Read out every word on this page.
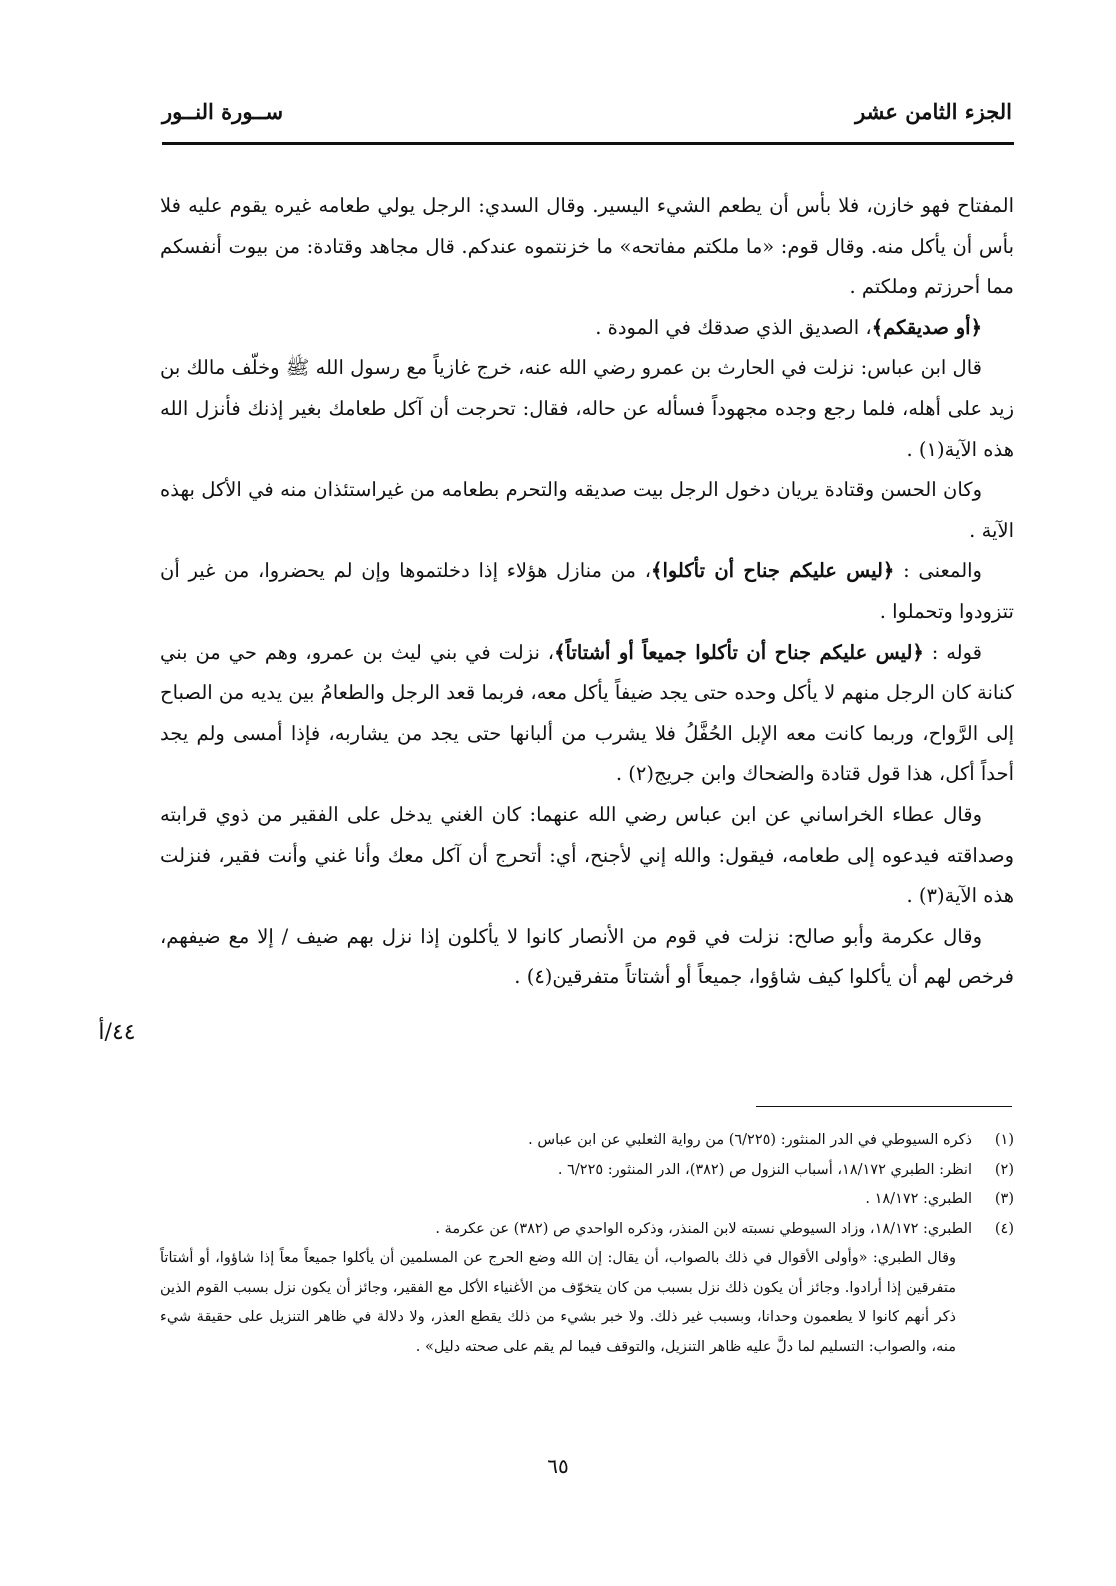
الجزء الثامن عشر
ســورة النــور

المفتاح فهو خازن، فلا بأس أن يطعم الشيء اليسير. وقال السدي: الرجل يولي طعامه غيره يقوم عليه فلا بأس أن يأكل منه. وقال قوم: «ما ملكتم مفاتحه» ما خزنتموه عندكم. قال مجاهد وقتادة: من بيوت أنفسكم مما أحرزتم وملكتم .

﴿أو صديقكم﴾، الصديق الذي صدقك في المودة .

قال ابن عباس: نزلت في الحارث بن عمرو رضي الله عنه، خرج غازياً مع رسول الله ﷺ وخلّف مالك بن زيد على أهله، فلما رجع وجده مجهوداً فسأله عن حاله، فقال: تحرجت أن آكل طعامك بغير إذنك فأنزل الله هذه الآية(١) .

وكان الحسن وقتادة يريان دخول الرجل بيت صديقه والتحرم بطعامه من غيراستئذان منه في الأكل بهذه الآية .

والمعنى : ﴿ليس عليكم جناح أن تأكلوا﴾، من منازل هؤلاء إذا دخلتموها وإن لم يحضروا، من غير أن تتزودوا وتحملوا .

قوله : ﴿ليس عليكم جناح أن تأكلوا جميعاً أو أشتاتاً﴾، نزلت في بني ليث بن عمرو، وهم حي من بني كنانة كان الرجل منهم لا يأكل وحده حتى يجد ضيفاً يأكل معه، فربما قعد الرجل والطعامُ بين يديه من الصباح إلى الرَّواح، وربما كانت معه الإبل الحُفَّلُ فلا يشرب من ألبانها حتى يجد من يشاربه، فإذا أمسى ولم يجد أحداً أكل، هذا قول قتادة والضحاك وابن جريج(٢) .

وقال عطاء الخراساني عن ابن عباس رضي الله عنهما: كان الغني يدخل على الفقير من ذوي قرابته وصداقته فيدعوه إلى طعامه، فيقول: والله إني لأجنح، أي: أتحرج أن آكل معك وأنا غني وأنت فقير، فنزلت هذه الآية(٣) .

وقال عكرمة وأبو صالح: نزلت في قوم من الأنصار كانوا لا يأكلون إذا نزل بهم ضيف / إلا مع ضيفهم، فرخص لهم أن يأكلوا كيف شاؤوا، جميعاً أو أشتاتاً متفرقين(٤) .

٤٤/أ
(١)
ذكره السيوطي في الدر المنثور: (٦/٢٢٥) من رواية الثعلبي عن ابن عباس .
(٢)
انظر: الطبري ١٨/١٧٢، أسباب النزول ص (٣٨٢)، الدر المنثور: ٦/٢٢٥ .
(٣)
الطبري: ١٨/١٧٢ .
(٤)
الطبري: ١٨/١٧٢، وزاد السيوطي نسبته لابن المنذر، وذكره الواحدي ص (٣٨٢) عن عكرمة .
وقال الطبري: «وأولى الأقوال في ذلك بالصواب، أن يقال: إن الله وضع الحرج عن المسلمين أن يأكلوا جميعاً معاً إذا شاؤوا، أو أشتاتاً متفرقين إذا أرادوا. وجائز أن يكون ذلك نزل بسبب من كان يتخوّف من الأغنياء الأكل مع الفقير، وجائز أن يكون نزل بسبب القوم الذين ذكر أنهم كانوا لا يطعمون وحدانا، وبسبب غير ذلك. ولا خبر بشيء من ذلك يقطع العذر، ولا دلالة في ظاهر التنزيل على حقيقة شيء منه، والصواب: التسليم لما دلَّ عليه ظاهر التنزيل، والتوقف فيما لم يقم على صحته دليل» .
٦٥
